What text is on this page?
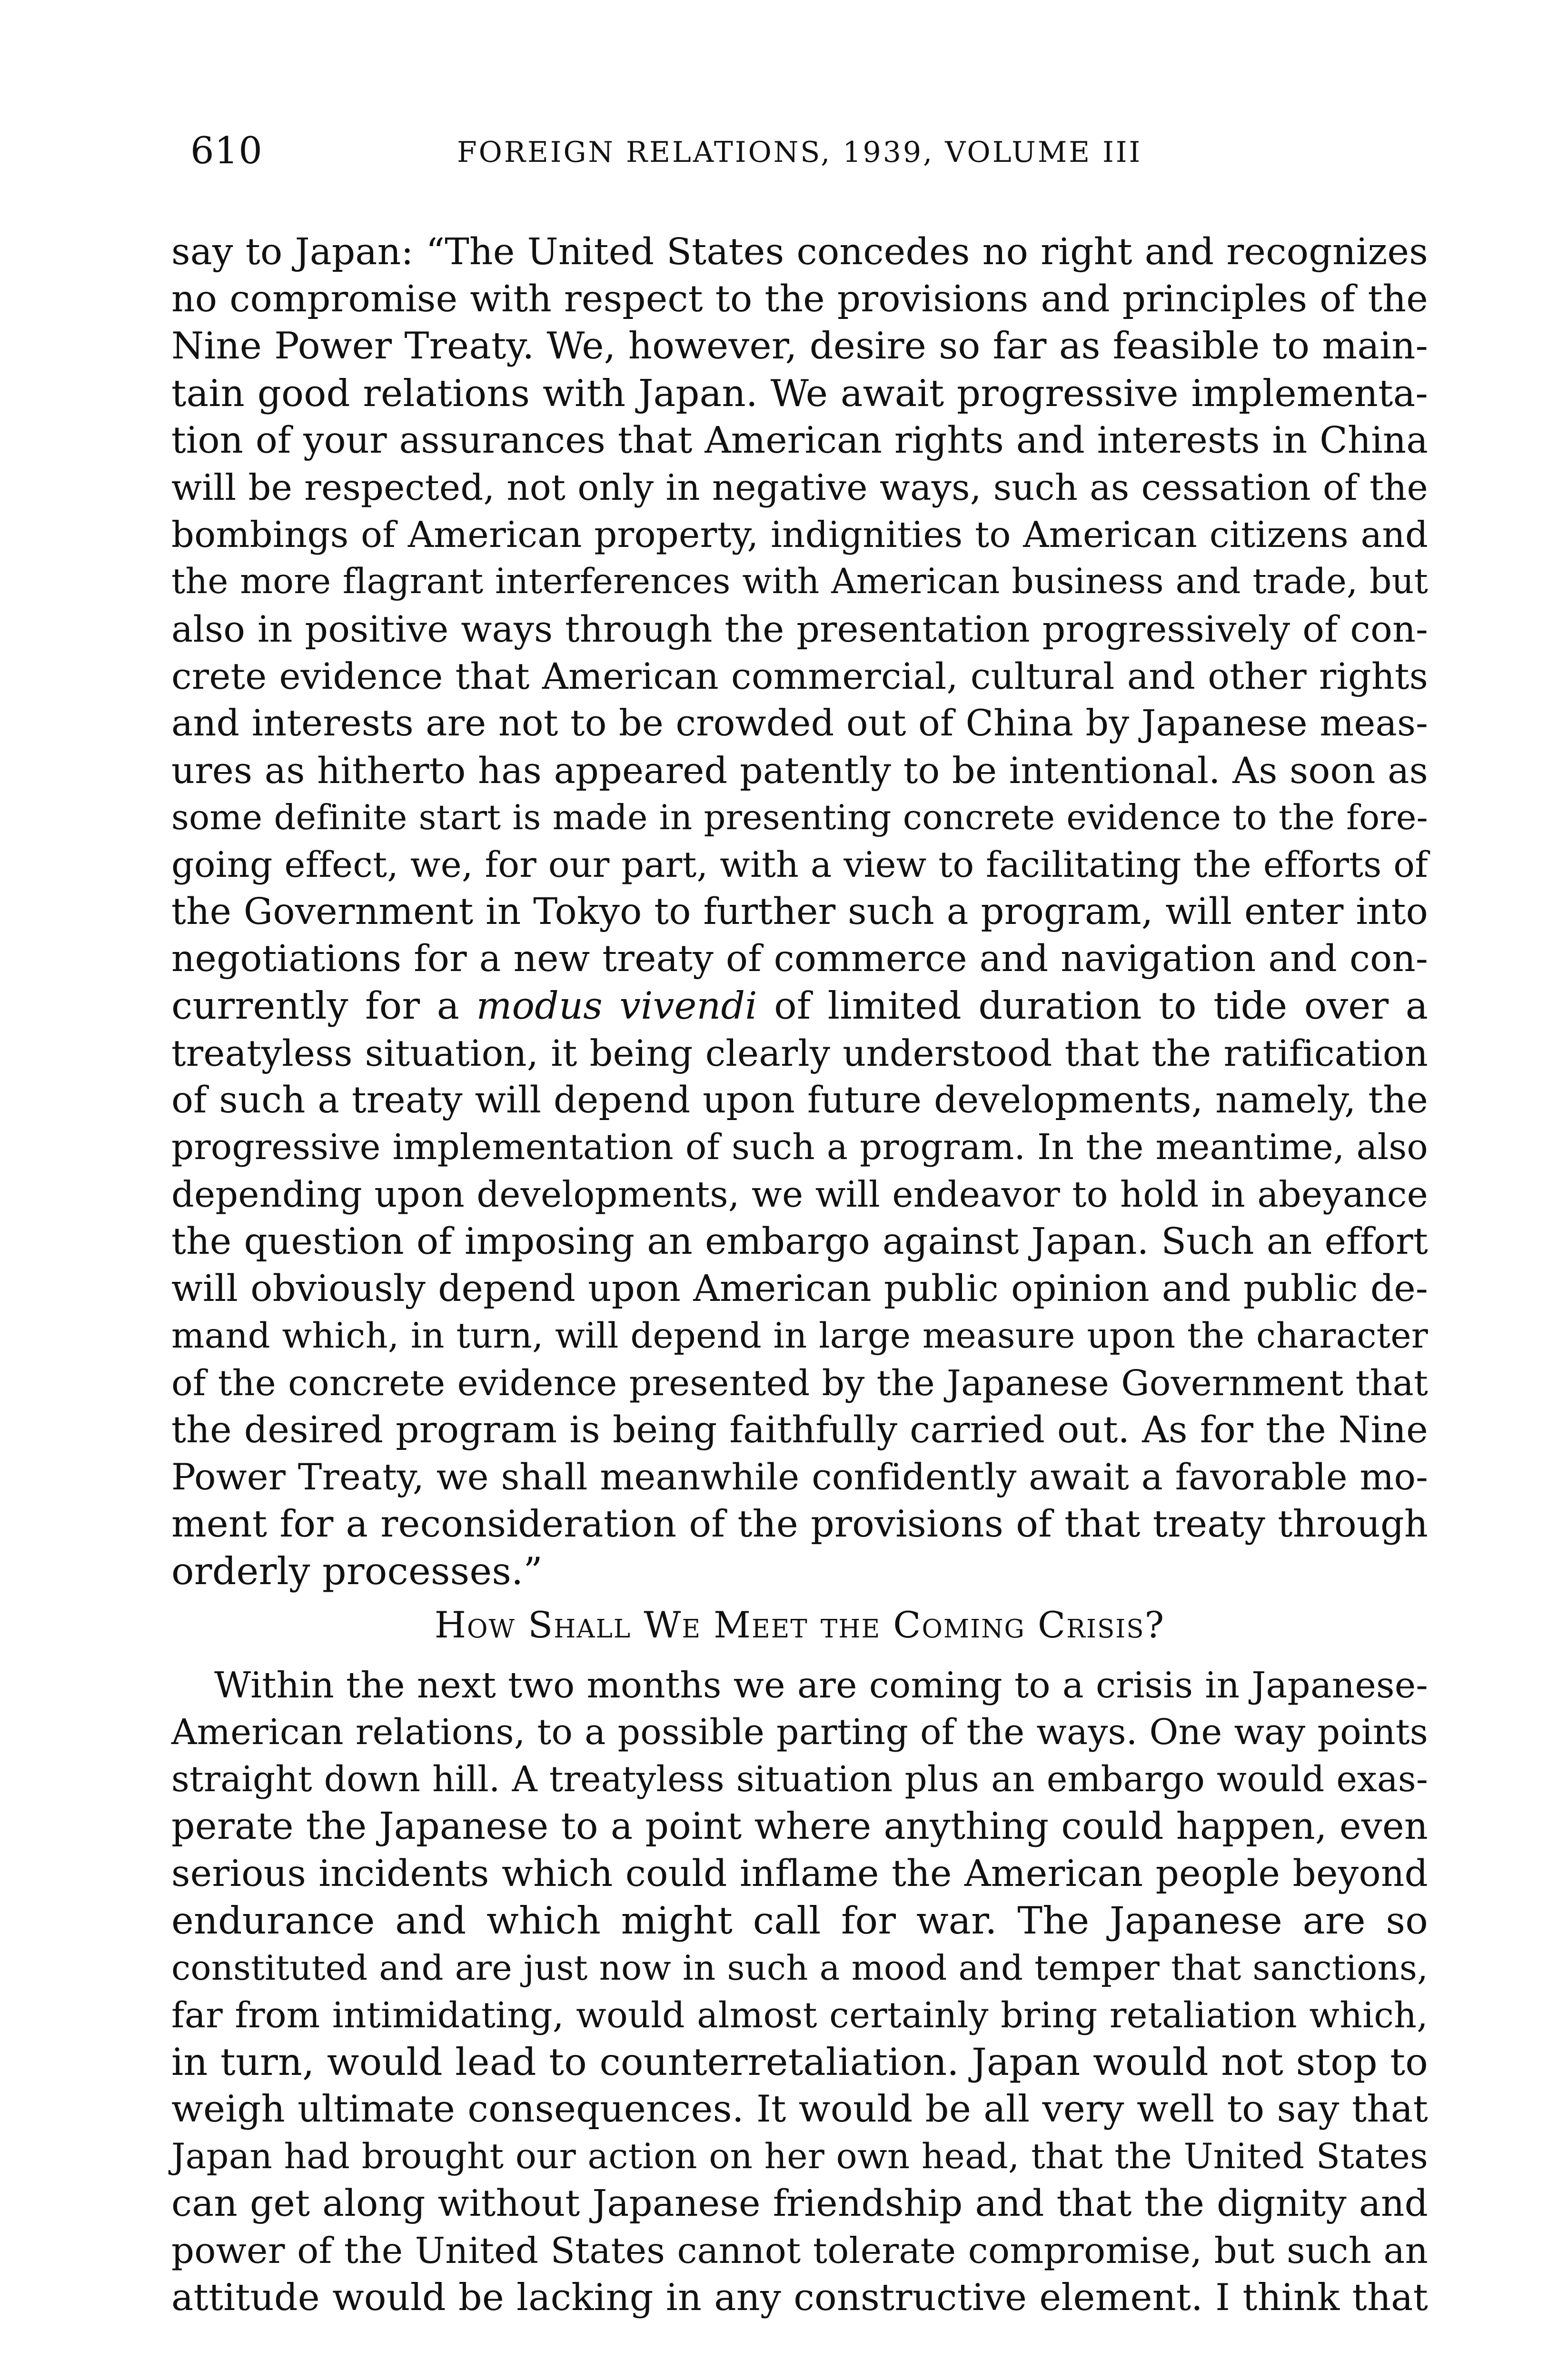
610	FOREIGN RELATIONS, 1939, VOLUME III
say to Japan: “The United States concedes no right and recognizes
no compromise with respect to the provisions and principles of the
Nine Power Treaty. We, however, desire so far as feasible to main-
tain good relations with Japan. We await progressive implementa-
tion of your assurances that American rights and interests in China
will be respected, not only in negative ways, such as cessation of the
bombings of American property, indignities to American citizens and
the more flagrant interferences with American business and trade, but
also in positive ways through the presentation progressively of con-
crete evidence that American commercial, cultural and other rights
and interests are not to be crowded out of China by Japanese meas-
ures as hitherto has appeared patently to be intentional. As soon as
some definite start is made in presenting concrete evidence to the fore-
going effect, we, for our part, with a view to facilitating the efforts of
the Government in Tokyo to further such a program, will enter into
negotiations for a new treaty of commerce and navigation and con-
currently for a modus vivendi of limited duration to tide over a
treatyless situation, it being clearly understood that the ratification
of such a treaty will depend upon future developments, namely, the
progressive implementation of such a program. In the meantime, also
depending upon developments, we will endeavor to hold in abeyance
the question of imposing an embargo against Japan. Such an effort
will obviously depend upon American public opinion and public de-
mand which, in turn, will depend in large measure upon the character
of the concrete evidence presented by the Japanese Government that
the desired program is being faithfully carried out. As for the Nine
Power Treaty, we shall meanwhile confidently await a favorable mo-
ment for a reconsideration of the provisions of that treaty through
orderly processes.”
How Shall We Meet the Coming Crisis?
Within the next two months we are coming to a crisis in Japanese-
American relations, to a possible parting of the ways. One way points
straight down hill. A treatyless situation plus an embargo would exas-
perate the Japanese to a point where anything could happen, even
serious incidents which could inflame the American people beyond
endurance and which might call for war. The Japanese are so
constituted and are just now in such a mood and temper that sanctions,
far from intimidating, would almost certainly bring retaliation which,
in turn, would lead to counterretaliation. Japan would not stop to
weigh ultimate consequences. It would be all very well to say that
Japan had brought our action on her own head, that the United States
can get along without Japanese friendship and that the dignity and
power of the United States cannot tolerate compromise, but such an
attitude would be lacking in any constructive element. I think that
